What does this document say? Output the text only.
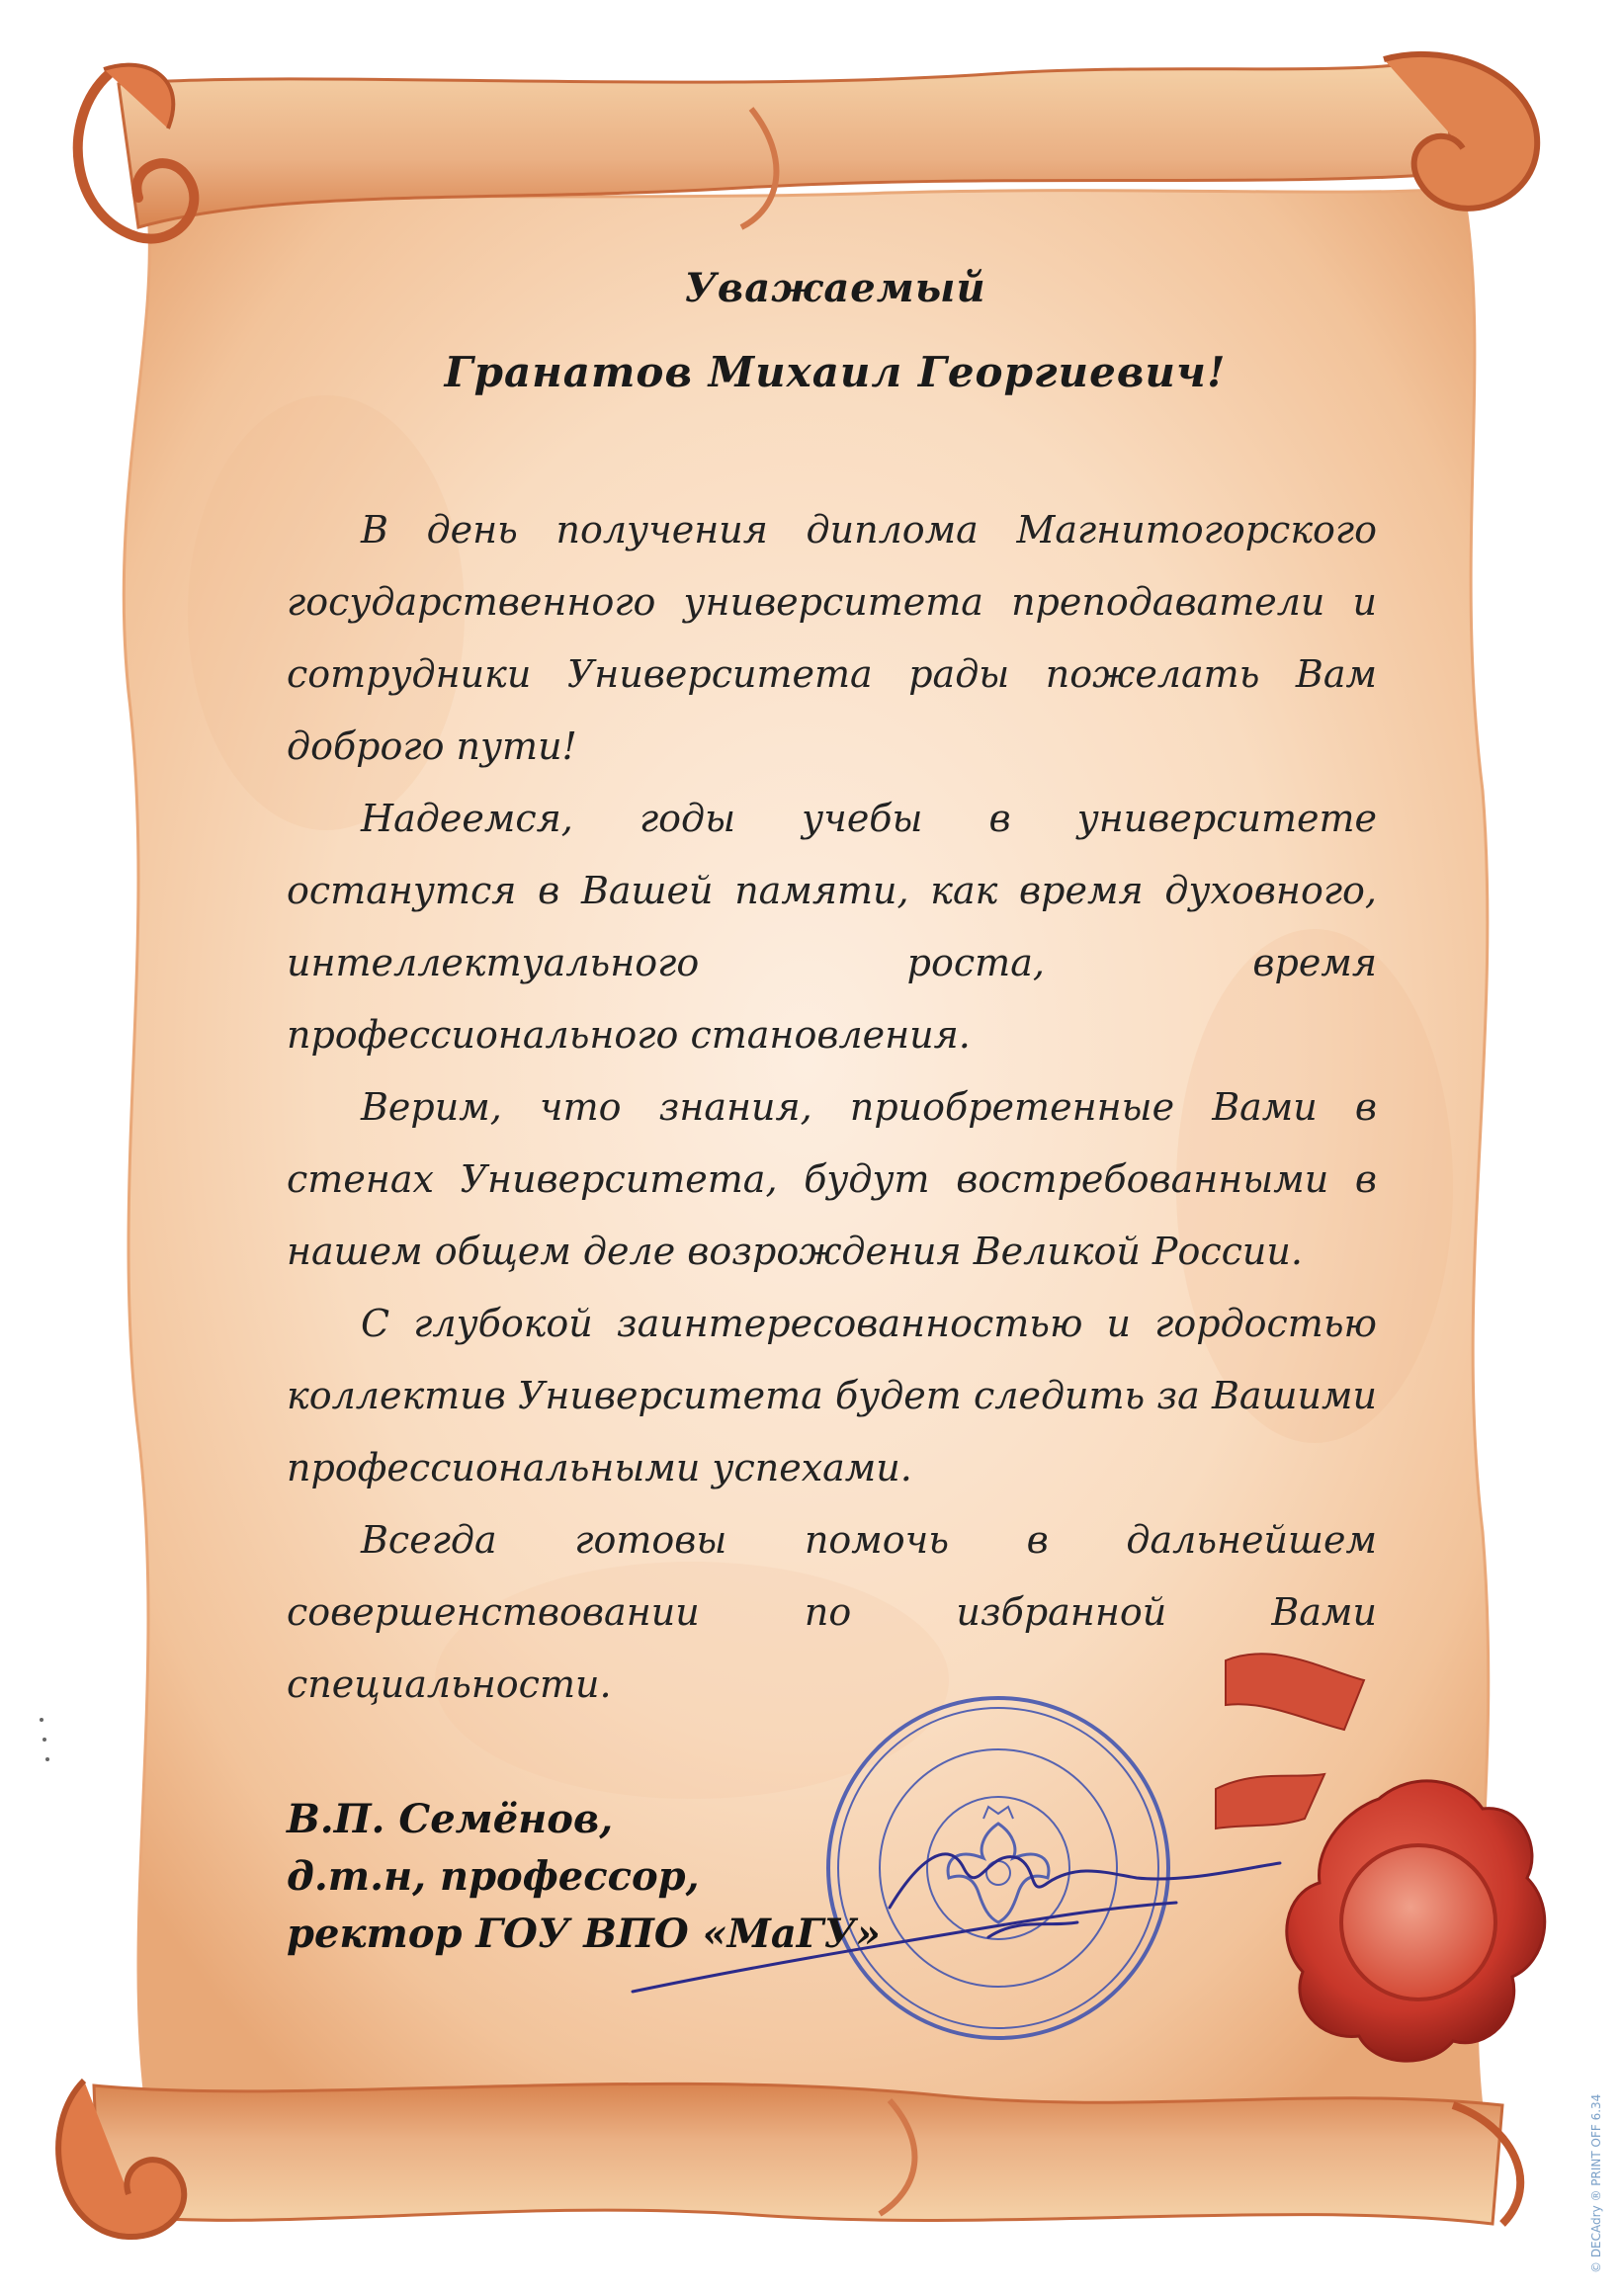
Уважаемый
Гранатов Михаил Георгиевич!

В день получения диплома Магнитогорского государственного университета преподаватели и сотрудники Университета рады пожелать Вам доброго пути!

Надеемся, годы учебы в университете останутся в Вашей памяти, как время духовного, интеллектуального роста, время профессионального становления.

Верим, что знания, приобретенные Вами в стенах Университета, будут востребованными в нашем общем деле возрождения Великой России.

С глубокой заинтересованностью и гордостью коллектив Университета будет следить за Вашими профессиональными успехами.

Всегда готовы помочь в дальнейшем совершенствовании по избранной Вами специальности.

В.П. Семёнов,
д.т.н, профессор,
ректор ГОУ ВПО «МаГУ»
© DECAdry ® PRINT OFF 6.34
